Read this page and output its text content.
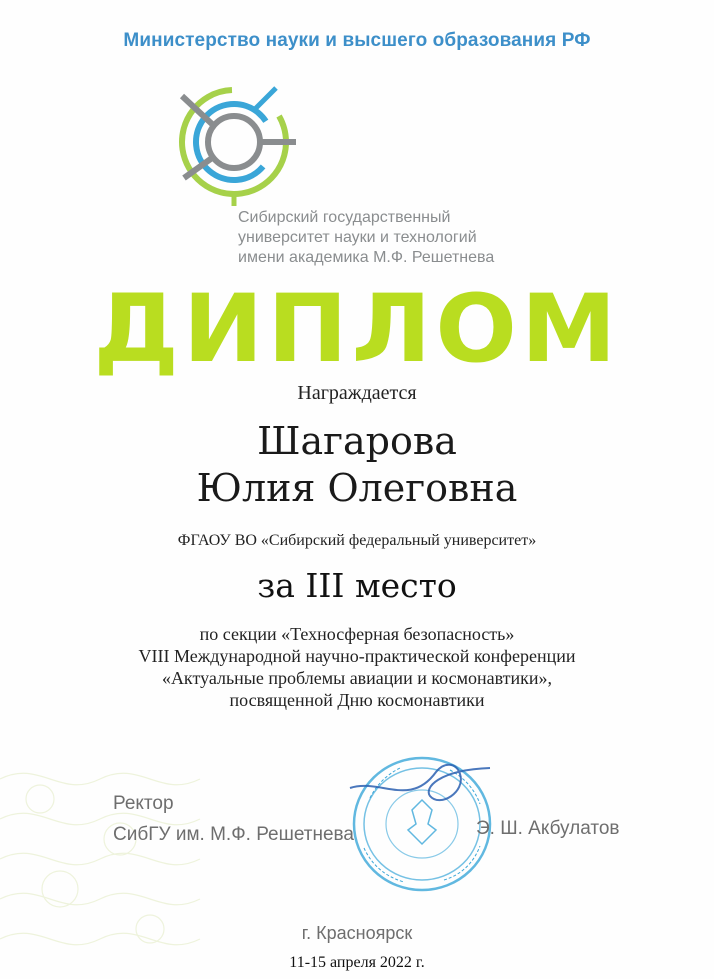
Министерство науки и высшего образования РФ
Сибирский государственный
университет науки и технологий
имени академика М.Ф. Решетнева
ДИПЛОМ
Награждается
Шагарова
Юлия Олеговна
ФГАОУ ВО «Сибирский федеральный университет»
за III место
по секции «Техносферная безопасность»
VIII Международной научно-практической конференции
«Актуальные проблемы авиации и космонавтики»,
посвященной Дню космонавтики
Ректор
СибГУ им. М.Ф. Решетнева	Э. Ш. Акбулатов
г. Красноярск
11-15 апреля 2022 г.
